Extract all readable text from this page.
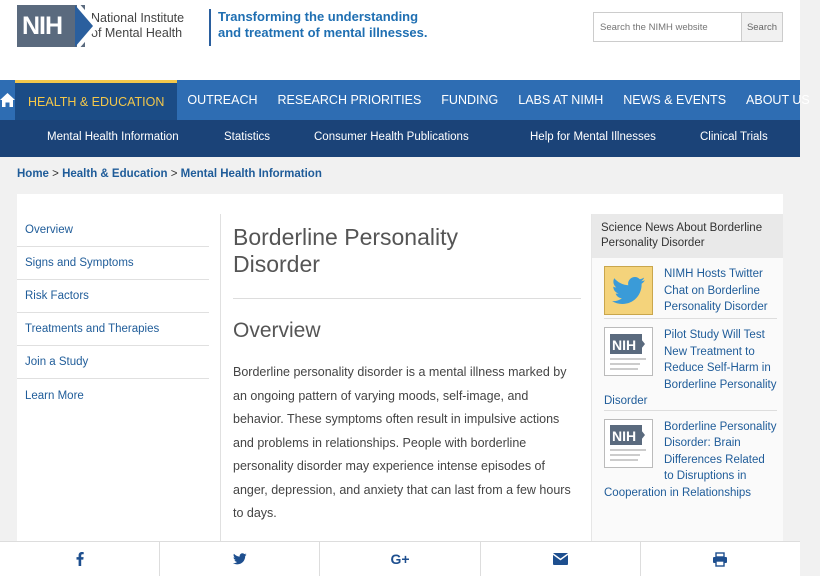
NIH National Institute
of Mental Health
Transforming the understanding
and treatment of mental illnesses.
Search the NIMH website	Search
HEALTH & EDUCATION	OUTREACH	RESEARCH PRIORITIES	FUNDING	LABS AT NIMH	NEWS & EVENTS	ABOUT US
Mental Health Information	Statistics	Consumer Health Publications	Help for Mental Illnesses	Clinical Trials
Home > Health & Education > Mental Health Information
Overview
Signs and Symptoms
Risk Factors
Treatments and Therapies
Join a Study
Learn More
Borderline Personality
Disorder
Overview

Borderline personality disorder is a mental illness marked by an ongoing pattern of varying moods, self-image, and behavior. These symptoms often result in impulsive actions and problems in relationships. People with borderline personality disorder may experience intense episodes of anger, depression, and anxiety that can last from a few hours to days.

Science News About Borderline Personality Disorder
NIMH Hosts Twitter Chat on Borderline Personality Disorder
NIH
Pilot Study Will Test New Treatment to Reduce Self-Harm in Borderline Personality Disorder
NIH
Borderline Personality Disorder: Brain Differences Related to Disruptions in Cooperation in Relationships
G+
